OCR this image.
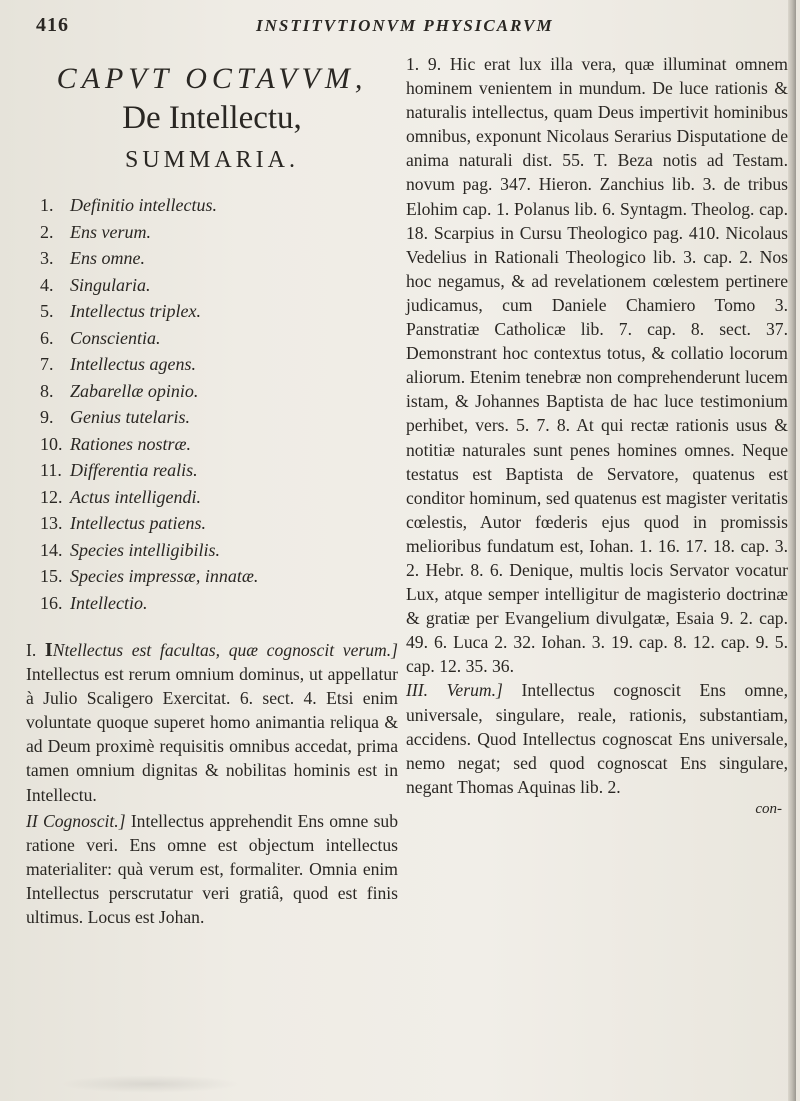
416	INSTITVTIONVM PHYSICARVM
CAPVT OCTAVVM,
De Intellectu,
SUMMARIA.
1. Definitio intellectus.
2. Ens verum.
3. Ens omne.
4. Singularia.
5. Intellectus triplex.
6. Conscientia.
7. Intellectus agens.
8. Zabarellæ opinio.
9. Genius tutelaris.
10. Rationes nostræ.
11. Differentia realis.
12. Actus intelligendi.
13. Intellectus patiens.
14. Species intelligibilis.
15. Species impressæ, innatæ.
16. Intellectio.

I. INtellectus est facultas, quæ cognoscit verum.] Intellectus est rerum omnium dominus, ut appellatur à Julio Scaligero Exercitat. 6. sect. 4. Etsi enim voluntate quoque superet homo animantia reliqua & ad Deum proximè requisitis omnibus accedat, prima tamen omnium dignitas & nobilitas hominis est in Intellectu.

II Cognoscit.] Intellectus apprehendit Ens omne sub ratione veri. Ens omne est objectum intellectus materialiter: quà verum est, formaliter. Omnia enim Intellectus perscrutatur veri gratiâ, quod est finis ultimus. Locus est Johan.

1. 9. Hic erat lux illa vera, quæ illuminat omnem hominem venientem in mundum. De luce rationis & naturalis intellectus, quam Deus impertivit hominibus omnibus, exponunt Nicolaus Serarius Disputatione de anima naturali dist. 55. T. Beza notis ad Testam. novum pag. 347. Hieron. Zanchius lib. 3. de tribus Elohim cap. 1. Polanus lib. 6. Syntagm. Theolog. cap. 18. Scarpius in Cursu Theologico pag. 410. Nicolaus Vedelius in Rationali Theologico lib. 3. cap. 2. Nos hoc negamus, & ad revelationem cœlestem pertinere judicamus, cum Daniele Chamiero Tomo 3. Panstratiæ Catholicæ lib. 7. cap. 8. sect. 37. Demonstrant hoc contextus totus, & collatio locorum aliorum. Etenim tenebræ non comprehenderunt lucem istam, & Johannes Baptista de hac luce testimonium perhibet, vers. 5. 7. 8. At qui rectæ rationis usus & notitiæ naturales sunt penes homines omnes. Neque testatus est Baptista de Servatore, quatenus est conditor hominum, sed quatenus est magister veritatis cœlestis, Autor fœderis ejus quod in promissis melioribus fundatum est, Iohan. 1. 16. 17. 18. cap. 3. 2. Hebr. 8. 6. Denique, multis locis Servator vocatur Lux, atque semper intelligitur de magisterio doctrinæ & gratiæ per Evangelium divulgatæ, Esaia 9. 2. cap. 49. 6. Luca 2. 32. Iohan. 3. 19. cap. 8. 12. cap. 9. 5. cap. 12. 35. 36.

III. Verum.] Intellectus cognoscit Ens omne, universale, singulare, reale, rationis, substantiam, accidens. Quod Intellectus cognoscat Ens universale, nemo negat; sed quod cognoscat Ens singulare, negant Thomas Aquinas lib. 2.

con-
